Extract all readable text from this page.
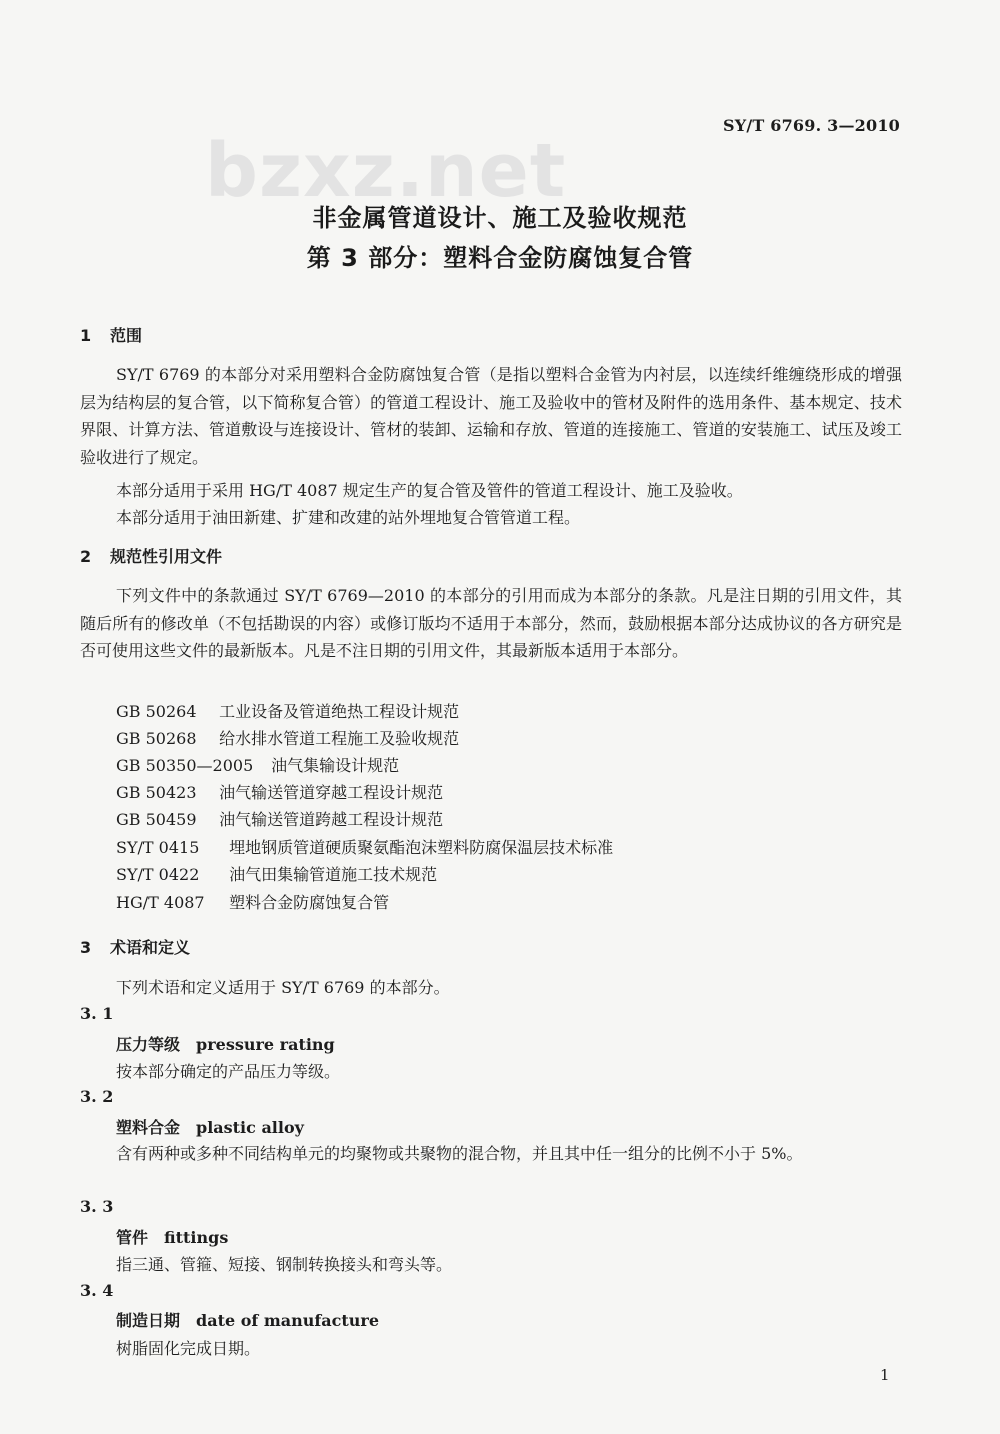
bzxz.net
SY/T 6769. 3—2010
非金属管道设计、施工及验收规范
第 3 部分：塑料合金防腐蚀复合管
1 范围
SY/T 6769 的本部分对采用塑料合金防腐蚀复合管（是指以塑料合金管为内衬层，以连续纤维缠绕形成的增强层为结构层的复合管，以下简称复合管）的管道工程设计、施工及验收中的管材及附件的选用条件、基本规定、技术界限、计算方法、管道敷设与连接设计、管材的装卸、运输和存放、管道的连接施工、管道的安装施工、试压及竣工验收进行了规定。
本部分适用于采用 HG/T 4087 规定生产的复合管及管件的管道工程设计、施工及验收。
本部分适用于油田新建、扩建和改建的站外埋地复合管管道工程。
2 规范性引用文件
下列文件中的条款通过 SY/T 6769—2010 的本部分的引用而成为本部分的条款。凡是注日期的引用文件，其随后所有的修改单（不包括勘误的内容）或修订版均不适用于本部分，然而，鼓励根据本部分达成协议的各方研究是否可使用这些文件的最新版本。凡是不注日期的引用文件，其最新版本适用于本部分。
GB 50264 工业设备及管道绝热工程设计规范
GB 50268 给水排水管道工程施工及验收规范
GB 50350—2005 油气集输设计规范
GB 50423 油气输送管道穿越工程设计规范
GB 50459 油气输送管道跨越工程设计规范
SY/T 0415 埋地钢质管道硬质聚氨酯泡沫塑料防腐保温层技术标准
SY/T 0422 油气田集输管道施工技术规范
HG/T 4087 塑料合金防腐蚀复合管
3 术语和定义
下列术语和定义适用于 SY/T 6769 的本部分。
3. 1
压力等级 pressure rating
按本部分确定的产品压力等级。
3. 2
塑料合金 plastic alloy
含有两种或多种不同结构单元的均聚物或共聚物的混合物，并且其中任一组分的比例不小于 5%。
3. 3
管件 fittings
指三通、管箍、短接、钢制转换接头和弯头等。
3. 4
制造日期 date of manufacture
树脂固化完成日期。
1
